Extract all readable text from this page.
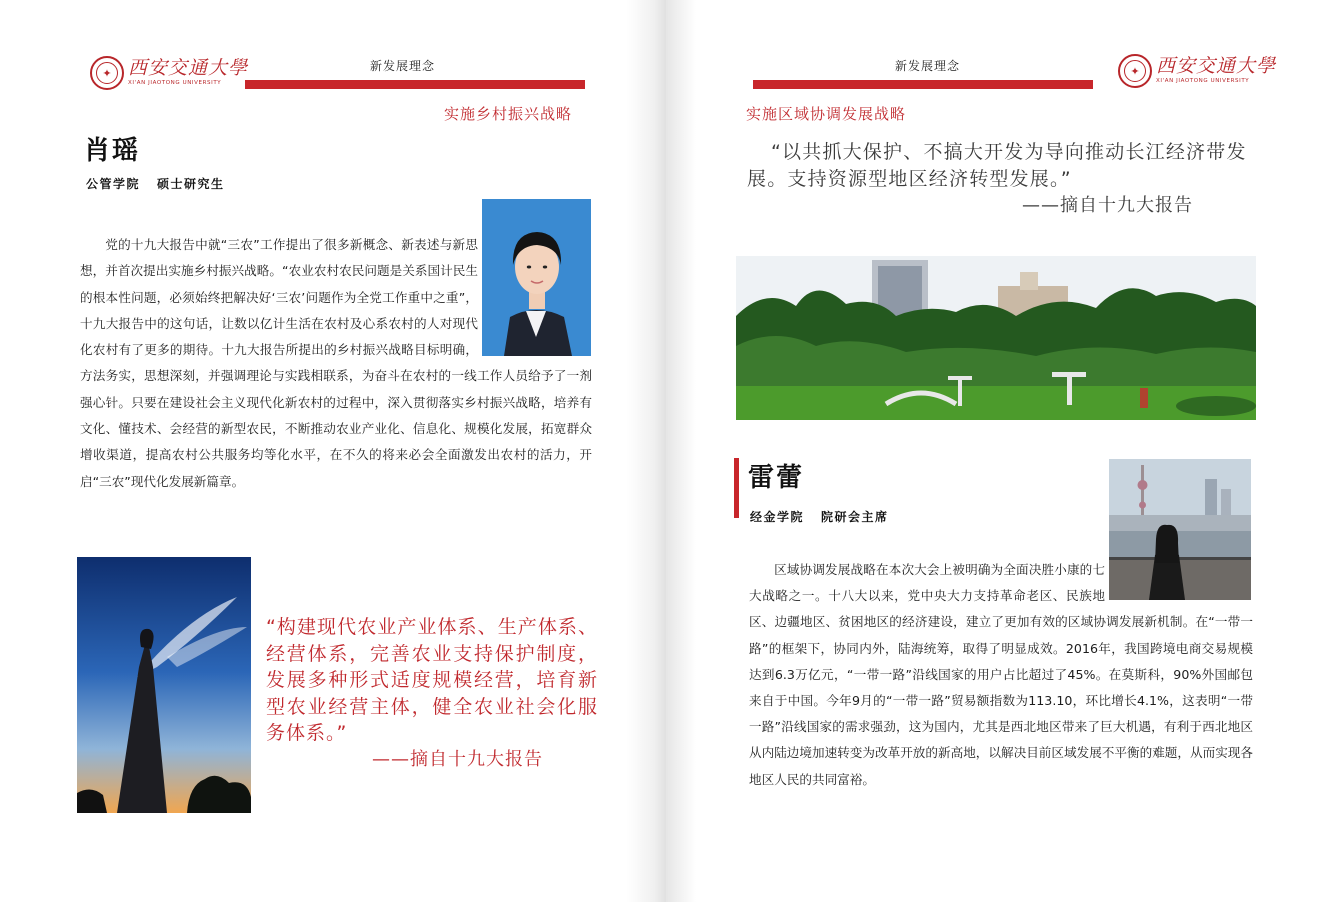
✦ 西安交通大學
XI'AN JIAOTONG UNIVERSITY
新发展理念
实施乡村振兴战略
肖瑶
公管学院   硕士研究生

党的十九大报告中就“三农”工作提出了很多新概念、新表述与新思想，并首次提出实施乡村振兴战略。“农业农村农民问题是关系国计民生的根本性问题，必须始终把解决好‘三农’问题作为全党工作重中之重”，十九大报告中的这句话，让数以亿计生活在农村及心系农村的人对现代化农村有了更多的期待。十九大报告所提出的乡村振兴战略目标明确，方法务实，思想深刻，并强调理论与实践相联系，为奋斗在农村的一线工作人员给予了一剂强心针。只要在建设社会主义现代化新农村的过程中，深入贯彻落实乡村振兴战略，培养有文化、懂技术、会经营的新型农民，不断推动农业产业化、信息化、规模化发展，拓宽群众增收渠道，提高农村公共服务均等化水平，在不久的将来必会全面激发出农村的活力，开启“三农”现代化发展新篇章。

“构建现代农业产业体系、生产体系、经营体系，完善农业支持保护制度，发展多种形式适度规模经营，培育新型农业经营主体，健全农业社会化服务体系。”

——摘自十九大报告
新发展理念	✦ 西安交通大學
XI'AN JIAOTONG UNIVERSITY
实施区域协调发展战略

“以共抓大保护、不搞大开发为导向推动长江经济带发展。支持资源型地区经济转型发展。”

——摘自十九大报告
雷蕾
经金学院   院研会主席

区域协调发展战略在本次大会上被明确为全面决胜小康的七大战略之一。十八大以来，党中央大力支持革命老区、民族地区、边疆地区、贫困地区的经济建设，建立了更加有效的区域协调发展新机制。在“一带一路”的框架下，协同内外，陆海统筹，取得了明显成效。2016年，我国跨境电商交易规模达到6.3万亿元，“一带一路”沿线国家的用户占比超过了45%。在莫斯科，90%外国邮包来自于中国。今年9月的“一带一路”贸易额指数为113.10，环比增长4.1%，这表明“一带一路”沿线国家的需求强劲，这为国内，尤其是西北地区带来了巨大机遇，有利于西北地区从内陆边境加速转变为改革开放的新高地，以解决目前区域发展不平衡的难题，从而实现各地区人民的共同富裕。
